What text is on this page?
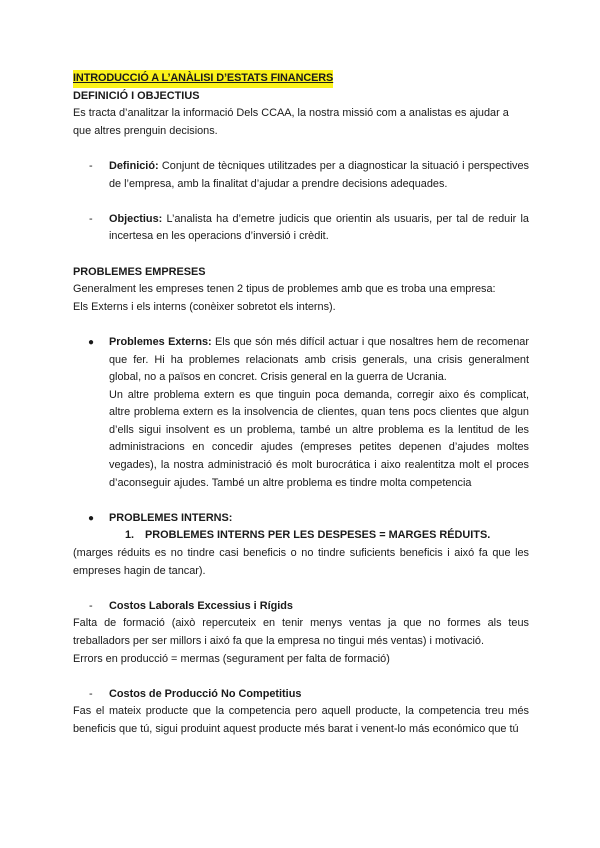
INTRODUCCIÓ A L’ANÀLISI D’ESTATS FINANCERS

DEFINICIÓ I OBJECTIUS

Es tracta d’analitzar la informació Dels CCAA, la nostra missió com a analistas es ajudar a que altres prenguin decisions.

- Definició: Conjunt de tècniques utilitzades per a diagnosticar la situació i perspectives de l’empresa, amb la finalitat d’ajudar a prendre decisions adequades.

- Objectius: L’analista ha d’emetre judicis que orientin als usuaris, per tal de reduir la incertesa en les operacions d’inversió i crèdit.

PROBLEMES EMPRESES

Generalment les empreses tenen 2 tipus de problemes amb que es troba una empresa:

Els Externs i els interns (conèixer sobretot els interns).

● Problemes Externs: Els que són més difícil actuar i que nosaltres hem de recomenar que fer. Hi ha problemes relacionats amb crisis generals, una crisis generalment global, no a països en concret. Crisis general en la guerra de Ucrania.

Un altre problema extern es que tinguin poca demanda, corregir aixo és complicat, altre problema extern es la insolvencia de clientes, quan tens pocs clientes que algun d’ells sigui insolvent es un problema, també un altre problema es la lentitud de les administracions en concedir ajudes (empreses petites depenen d’ajudes moltes vegades), la nostra administració és molt burocrática i aixo realentitza molt el proces d’aconseguir ajudes. També un altre problema es tindre molta competencia

● PROBLEMES INTERNS:

1. PROBLEMES INTERNS PER LES DESPESES = MARGES RÉDUITS.

(marges réduits es no tindre casi beneficis o no tindre suficients beneficis i aixó fa que les empreses hagin de tancar).

- Costos Laborals Excessius i Rígids

Falta de formació (això repercuteix en tenir menys ventas ja que no formes als teus treballadors per ser millors i aixó fa que la empresa no tingui més ventas) i motivació.

Errors en producció = mermas (segurament per falta de formació)

- Costos de Producció No Competitius

Fas el mateix producte que la competencia pero aquell producte, la competencia treu més beneficis que tú, sigui produint aquest producte més barat i venent-lo más económico que tú
